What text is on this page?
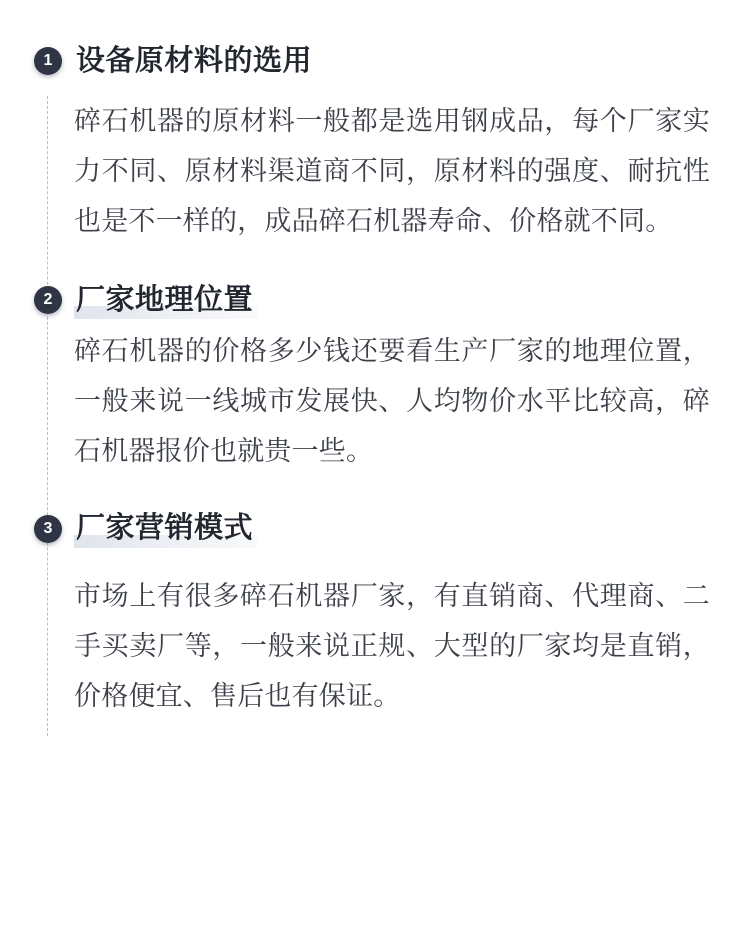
1 设备原材料的选用
碎石机器的原材料一般都是选用钢成品，每个厂家实力不同、原材料渠道商不同，原材料的强度、耐抗性也是不一样的，成品碎石机器寿命、价格就不同。
2 厂家地理位置
碎石机器的价格多少钱还要看生产厂家的地理位置，一般来说一线城市发展快、人均物价水平比较高，碎石机器报价也就贵一些。
3 厂家营销模式
市场上有很多碎石机器厂家，有直销商、代理商、二手买卖厂等，一般来说正规、大型的厂家均是直销，价格便宜、售后也有保证。
